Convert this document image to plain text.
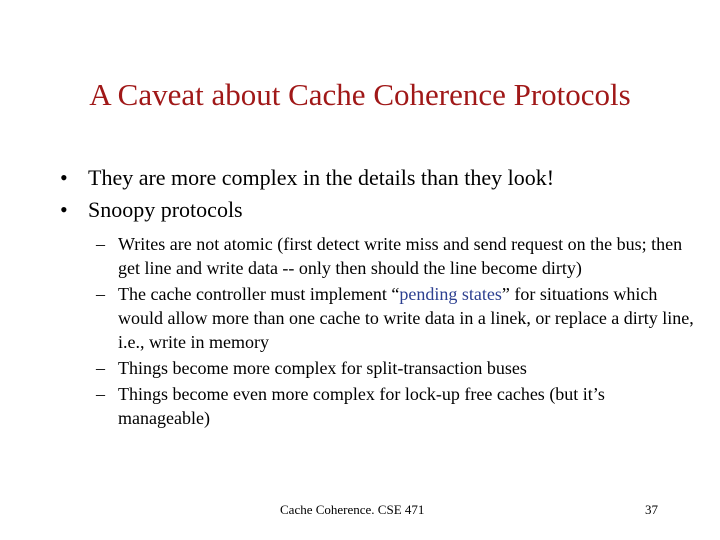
A Caveat about Cache Coherence Protocols
• They are more complex in the details than they look!
• Snoopy protocols
– Writes are not atomic (first detect write miss and send request on the bus; then get line and write data -- only then should the line become dirty)
– The cache controller must implement “pending states” for situations which would allow more than one cache to write data in a linek, or replace a dirty line, i.e., write in memory
– Things become more complex for split-transaction buses
– Things become even more complex for lock-up free caches (but it’s manageable)
Cache Coherence. CSE 471	37
